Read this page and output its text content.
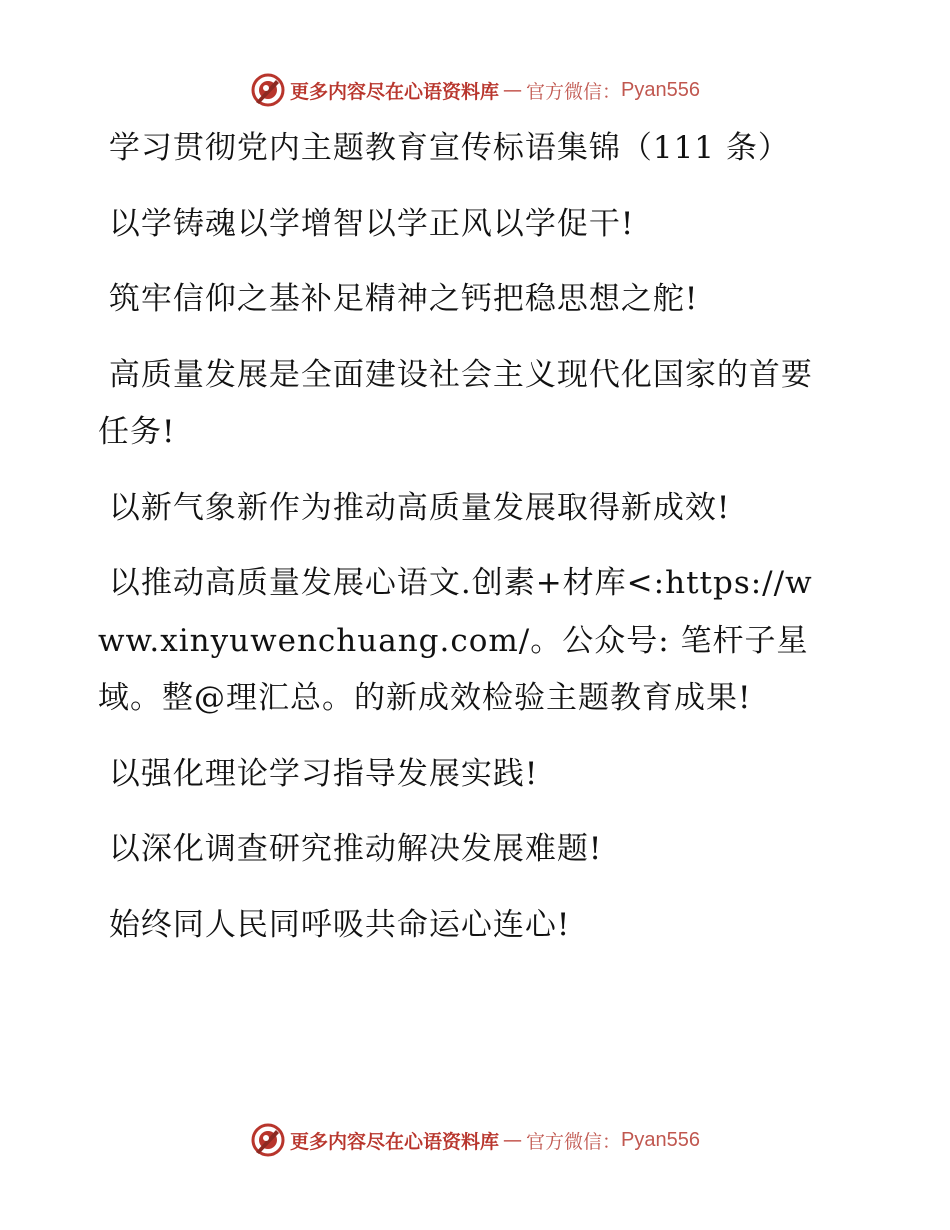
更多内容尽在心语资料库 — 官方微信： Pyan556

学习贯彻党内主题教育宣传标语集锦（111 条）

以学铸魂以学增智以学正风以学促干!

筑牢信仰之基补足精神之钙把稳思想之舵!

高质量发展是全面建设社会主义现代化国家的首要任务!

以新气象新作为推动高质量发展取得新成效!

以推动高质量发展心语文.创素+材库<:https://www.xinyuwenchuang.com/。公众号: 笔杆子星域。整@理汇总。的新成效检验主题教育成果!

以强化理论学习指导发展实践!

以深化调查研究推动解决发展难题!

始终同人民同呼吸共命运心连心!

更多内容尽在心语资料库 — 官方微信： Pyan556
